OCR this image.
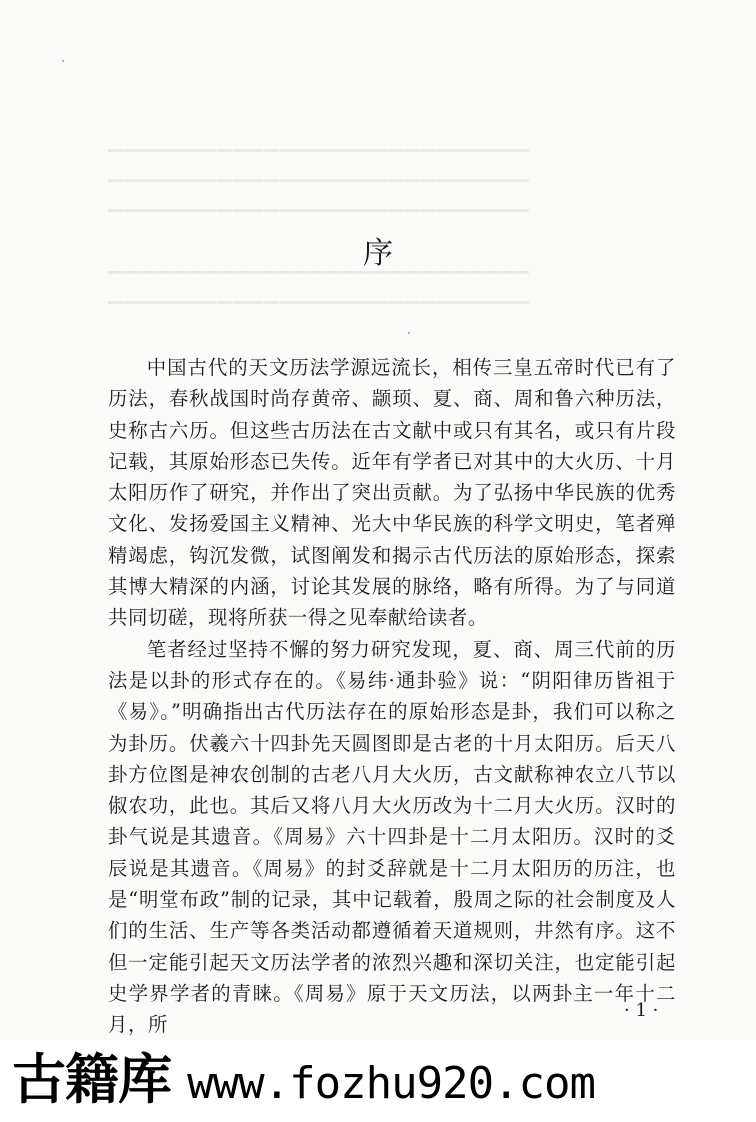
▔▔▔▔▔▔▔▔▔▔▔▔▔▔▔▔▔▔▔▔▔▔▔▔▔▔▔
▔▔▔▔▔▔▔▔▔▔▔▔▔▔▔▔▔▔▔▔▔▔▔▔▔▔▔
▔▔▔▔▔▔▔▔▔▔▔▔▔▔▔▔▔▔▔▔▔▔▔▔▔▔▔
▔▔▔▔▔▔▔▔▔▔▔▔▔▔▔▔▔▔▔▔▔▔▔▔▔▔▔
▔▔▔▔▔▔▔▔▔▔▔▔▔▔▔▔▔▔▔▔▔▔▔▔▔▔▔
序

中国古代的天文历法学源远流长，相传三皇五帝时代已有了历法，春秋战国时尚存黄帝、颛顼、夏、商、周和鲁六种历法，史称古六历。但这些古历法在古文献中或只有其名，或只有片段记载，其原始形态已失传。近年有学者已对其中的大火历、十月太阳历作了研究，并作出了突出贡献。为了弘扬中华民族的优秀文化、发扬爱国主义精神、光大中华民族的科学文明史，笔者殚精竭虑，钩沉发微，试图阐发和揭示古代历法的原始形态，探索其博大精深的内涵，讨论其发展的脉络，略有所得。为了与同道共同切磋，现将所获一得之见奉献给读者。

笔者经过坚持不懈的努力研究发现，夏、商、周三代前的历法是以卦的形式存在的。《易纬·通卦验》说：“阴阳律历皆祖于《易》。”明确指出古代历法存在的原始形态是卦，我们可以称之为卦历。伏羲六十四卦先天圆图即是古老的十月太阳历。后天八卦方位图是神农创制的古老八月大火历，古文献称神农立八节以俶农功，此也。其后又将八月大火历改为十二月大火历。汉时的卦气说是其遗音。《周易》六十四卦是十二月太阳历。汉时的爻辰说是其遗音。《周易》的封爻辞就是十二月太阳历的历注，也是“明堂布政”制的记录，其中记载着，殷周之际的社会制度及人们的生活、生产等各类活动都遵循着天道规则，井然有序。这不但一定能引起天文历法学者的浓烈兴趣和深切关注，也定能引起史学界学者的青睐。《周易》原于天文历法，以两卦主一年十二月，所

· 1 ·
古籍库 www.fozhu920.com
